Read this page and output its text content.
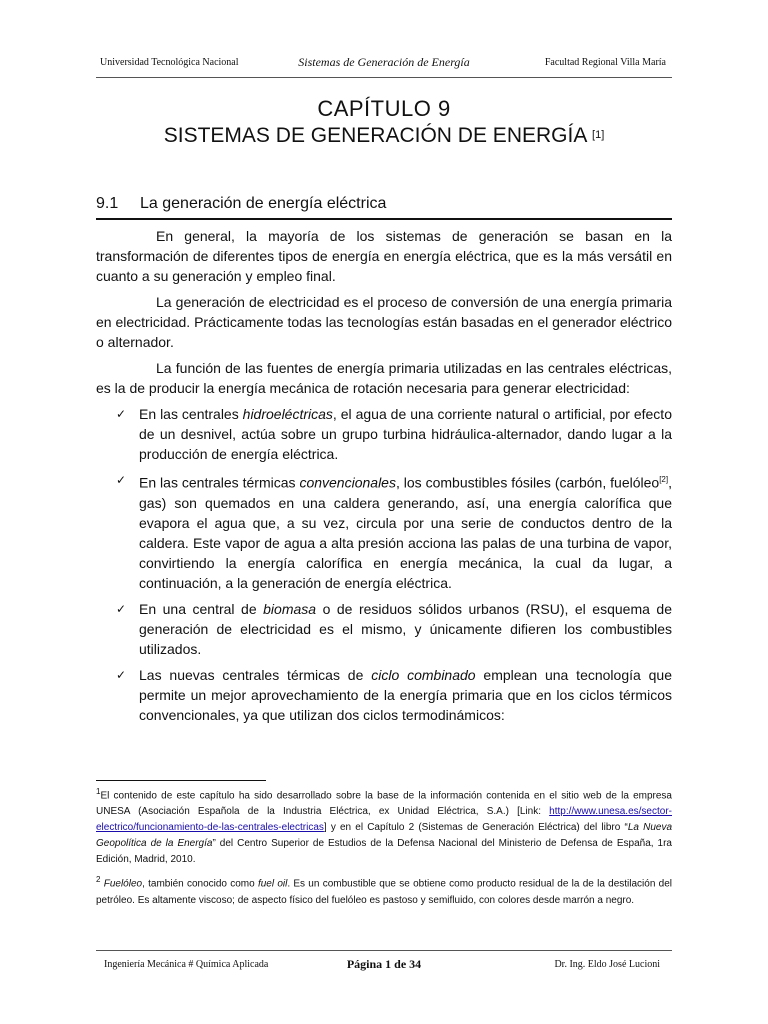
Universidad Tecnológica Nacional	Sistemas de Generación de Energía	Facultad Regional Villa María
CAPÍTULO 9
SISTEMAS DE GENERACIÓN DE ENERGÍA [1]
9.1 La generación de energía eléctrica

En general, la mayoría de los sistemas de generación se basan en la transformación de diferentes tipos de energía en energía eléctrica, que es la más versátil en cuanto a su generación y empleo final.

La generación de electricidad es el proceso de conversión de una energía primaria en electricidad. Prácticamente todas las tecnologías están basadas en el generador eléctrico o alternador.

La función de las fuentes de energía primaria utilizadas en las centrales eléctricas, es la de producir la energía mecánica de rotación necesaria para generar electricidad:

✓ En las centrales hidroeléctricas, el agua de una corriente natural o artificial, por efecto de un desnivel, actúa sobre un grupo turbina hidráulica-alternador, dando lugar a la producción de energía eléctrica.
✓ En las centrales térmicas convencionales, los combustibles fósiles (carbón, fuelóleo[2], gas) son quemados en una caldera generando, así, una energía calorífica que evapora el agua que, a su vez, circula por una serie de conductos dentro de la caldera. Este vapor de agua a alta presión acciona las palas de una turbina de vapor, convirtiendo la energía calorífica en energía mecánica, la cual da lugar, a continuación, a la generación de energía eléctrica.
✓ En una central de biomasa o de residuos sólidos urbanos (RSU), el esquema de generación de electricidad es el mismo, y únicamente difieren los combustibles utilizados.
✓ Las nuevas centrales térmicas de ciclo combinado emplean una tecnología que permite un mejor aprovechamiento de la energía primaria que en los ciclos térmicos convencionales, ya que utilizan dos ciclos termodinámicos:

$^1$El contenido de este capítulo ha sido desarrollado sobre la base de la información contenida en el sitio web de la empresa UNESA (Asociación Española de la Industria Eléctrica, ex Unidad Eléctrica, S.A.) [Link: http://www.unesa.es/sector-electrico/funcionamiento-de-las-centrales-electricas] y en el Capítulo 2 (Sistemas de Generación Eléctrica) del libro “La Nueva Geopolítica de la Energía” del Centro Superior de Estudios de la Defensa Nacional del Ministerio de Defensa de España, 1ra Edición, Madrid, 2010.

$^2$ Fuelóleo, también conocido como fuel oil. Es un combustible que se obtiene como producto residual de la de la destilación del petróleo. Es altamente viscoso; de aspecto físico del fuelóleo es pastoso y semifluido, con colores desde marrón a negro.

Ingeniería Mecánica # Química Aplicada	Página 1 de 34	Dr. Ing. Eldo José Lucioni
